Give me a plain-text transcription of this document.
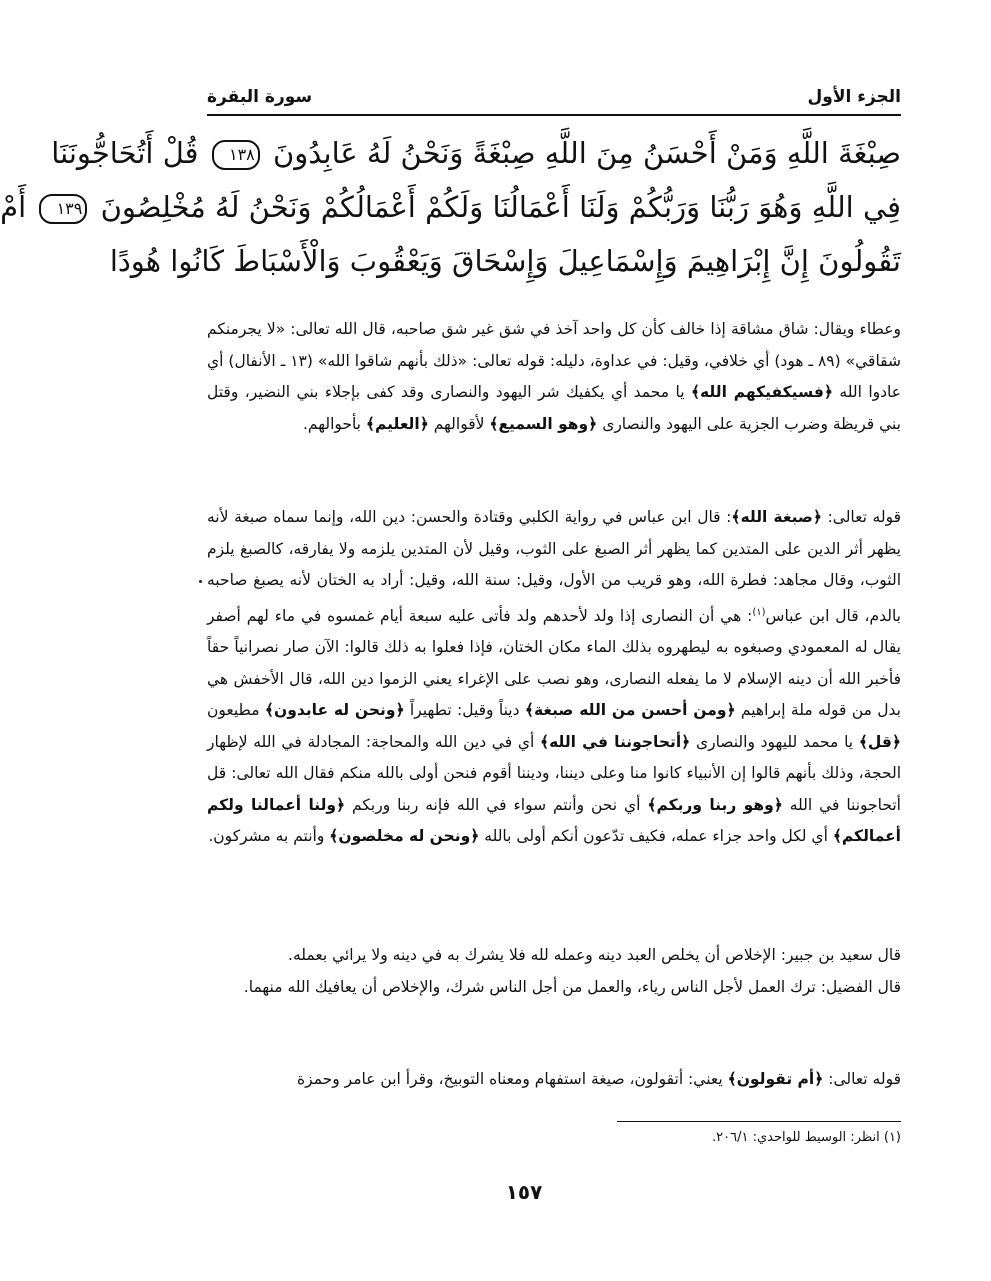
الجزء الأول
سورة البقرة
صِبْغَةَ اللَّهِ وَمَنْ أَحْسَنُ مِنَ اللَّهِ صِبْغَةً وَنَحْنُ لَهُ عَابِدُونَ ١٣٨ قُلْ أَتُحَاجُّونَنَا
فِي اللَّهِ وَهُوَ رَبُّنَا وَرَبُّكُمْ وَلَنَا أَعْمَالُنَا وَلَكُمْ أَعْمَالُكُمْ وَنَحْنُ لَهُ مُخْلِصُونَ ١٣٩ أَمْ
تَقُولُونَ إِنَّ إِبْرَاهِيمَ وَإِسْمَاعِيلَ وَإِسْحَاقَ وَيَعْقُوبَ وَالْأَسْبَاطَ كَانُوا هُودًا

وعطاء ويقال: شاق مشاقة إذا خالف كأن كل واحد آخذ في شق غير شق صاحبه، قال الله تعالى: «لا يجرمنكم شقاقي» (٨٩ ـ هود) أي خلافي، وقيل: في عداوة، دليله: قوله تعالى: «ذلك بأنهم شاقوا الله» (١٣ ـ الأنفال) أي عادوا الله ﴿فسيكفيكهم الله﴾ يا محمد أي يكفيك شر اليهود والنصارى وقد كفى بإجلاء بني النضير، وقتل بني قريظة وضرب الجزية على اليهود والنصارى ﴿وهو السميع﴾ لأقوالهم ﴿العليم﴾ بأحوالهم.

قوله تعالى: ﴿صبغة الله﴾: قال ابن عباس في رواية الكلبي وقتادة والحسن: دين الله، وإنما سماه صبغة لأنه يظهر أثر الدين على المتدين كما يظهر أثر الصبغ على الثوب، وقيل لأن المتدين يلزمه ولا يفارقه، كالصبغ يلزم الثوب، وقال مجاهد: فطرة الله، وهو قريب من الأول، وقيل: سنة الله، وقيل: أراد به الختان لأنه يصبغ صاحبه بالدم، قال ابن عباس$^{(١)}$: هي أن النصارى إذا ولد لأحدهم ولد فأتى عليه سبعة أيام غمسوه في ماء لهم أصفر يقال له المعمودي وصبغوه به ليطهروه بذلك الماء مكان الختان، فإذا فعلوا به ذلك قالوا: الآن صار نصرانياً حقاً فأخبر الله أن دينه الإسلام لا ما يفعله النصارى، وهو نصب على الإغراء يعني الزموا دين الله، قال الأخفش هي بدل من قوله ملة إبراهيم ﴿ومن أحسن من الله صبغة﴾ ديناً وقيل: تطهيراً ﴿ونحن له عابدون﴾ مطيعون ﴿قل﴾ يا محمد لليهود والنصارى ﴿أتحاجوننا في الله﴾ أي في دين الله والمحاجة: المجادلة في الله لإظهار الحجة، وذلك بأنهم قالوا إن الأنبياء كانوا منا وعلى ديننا، وديننا أقوم فنحن أولى بالله منكم فقال الله تعالى: قل أتحاجوننا في الله ﴿وهو ربنا وربكم﴾ أي نحن وأنتم سواء في الله فإنه ربنا وربكم ﴿ولنا أعمالنا ولكم أعمالكم﴾ أي لكل واحد جزاء عمله، فكيف تدّعون أنكم أولى بالله ﴿ونحن له مخلصون﴾ وأنتم به مشركون.

قال سعيد بن جبير: الإخلاص أن يخلص العبد دينه وعمله لله فلا يشرك به في دينه ولا يرائي بعمله.

قال الفضيل: ترك العمل لأجل الناس رياء، والعمل من أجل الناس شرك، والإخلاص أن يعافيك الله منهما.

قوله تعالى: ﴿أم تقولون﴾ يعني: أتقولون، صيغة استفهام ومعناه التوبيخ، وقرأ ابن عامر وحمزة

(١) انظر: الوسيط للواحدي: ٢٠٦/١.
١٥٧
